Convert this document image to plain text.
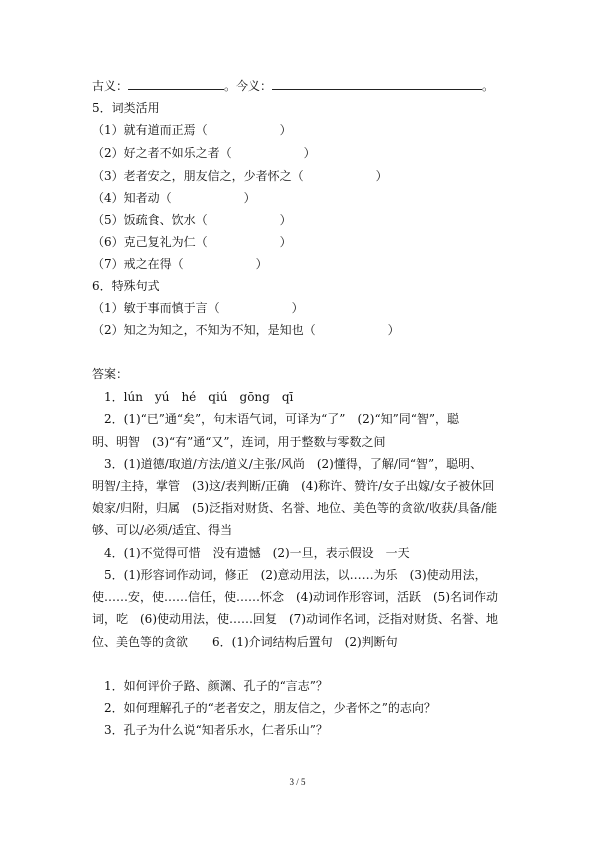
古义：	。今义：	。
5．词类活用
（1）就有道而正焉（　　　　　　）
（2）好之者不如乐之者（　　　　　　）
（3）老者安之，朋友信之，少者怀之（　　　　　　）
（4）知者动（　　　　　　）
（5）饭疏食、饮水（　　　　　　）
（6）克己复礼为仁（　　　　　　）
（7）戒之在得（　　　　　　）
6．特殊句式
（1）敏于事而慎于言（　　　　　　）
（2）知之为知之，不知为不知，是知也（　　　　　　）
答案：
1．lún　yú　hé　qiú　gōng　qī
2．(1)“已”通“矣”，句末语气词，可译为“了”　(2)“知”同“智”，聪
明、明智　(3)“有”通“又”，连词，用于整数与零数之间
3．(1)道德/取道/方法/道义/主张/风尚　(2)懂得，了解/同“智”，聪明、
明智/主持，掌管　(3)这/表判断/正确　(4)称许、赞许/女子出嫁/女子被休回
娘家/归附，归属　(5)泛指对财货、名誉、地位、美色等的贪欲/收获/具备/能
够、可以/必须/适宜、得当
4．(1)不觉得可惜　没有遗憾　(2)一旦，表示假设　一天
5．(1)形容词作动词，修正　(2)意动用法，以……为乐　(3)使动用法，
使……安，使……信任，使……怀念　(4)动词作形容词，活跃　(5)名词作动
词，吃　(6)使动用法，使……回复　(7)动词作名词，泛指对财货、名誉、地
位、美色等的贪欲　　6．(1)介词结构后置句　(2)判断句
1．如何评价子路、颜渊、孔子的“言志”？
2．如何理解孔子的“老者安之，朋友信之，少者怀之”的志向？
3．孔子为什么说“知者乐水，仁者乐山”？
3 / 5
